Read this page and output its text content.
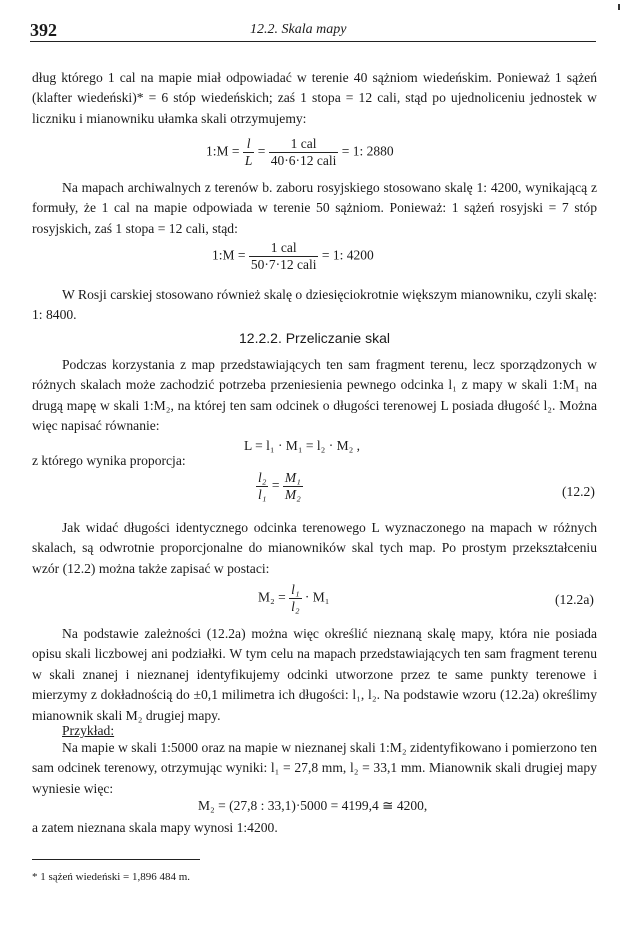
392	12.2. Skala mapy

dług którego 1 cal na mapie miał odpowiadać w terenie 40 sążniom wiedeńskim. Ponieważ 1 sążeń (klafter wiedeński)* = 6 stóp wiedeńskich; zaś 1 stopa = 12 cali, stąd po ujednoliceniu jednostek w liczniku i mianowniku ułamka skali otrzymujemy:

1:M = $\frac{l}{L} = \frac{\text{1 cal}}{\text{40·6·12 cali}} = 1$: 2880

Na mapach archiwalnych z terenów b. zaboru rosyjskiego stosowano skalę 1: 4200, wynikającą z formuły, że 1 cal na mapie odpowiada w terenie 50 sążniom. Ponieważ: 1 sążeń rosyjski = 7 stóp rosyjskich, zaś 1 stopa = 12 cali, stąd:

1:M = $\frac{\text{1 cal}}{\text{50·7·12 cali}} = 1$: 4200

W Rosji carskiej stosowano również skalę o dziesięciokrotnie większym mianowniku, czyli skalę: 1: 8400.

12.2.2. Przeliczanie skal

Podczas korzystania z map przedstawiających ten sam fragment terenu, lecz sporządzonych w różnych skalach może zachodzić potrzeba przeniesienia pewnego odcinka l₁ z mapy w skali 1:M₁ na drugą mapę w skali 1:M₂, na której ten sam odcinek o długości terenowej L posiada długość l₂. Można więc napisać równanie:

L = l₁ · M₁ = l₂ · M₂ ,

z którego wynika proporcja:

$\frac{\text{l₂}}{\text{l₁}} = \frac{\text{M₁}}{\text{M₂}}$	(12.2)

Jak widać długości identycznego odcinka terenowego L wyznaczonego na mapach w różnych skalach, są odwrotnie proporcjonalne do mianowników skal tych map. Po prostym przekształceniu wzór (12.2) można także zapisać w postaci:

$M_2 = \frac{\text{l₁}}{\text{l₂}} \cdot M_1$	(12.2a)

Na podstawie zależności (12.2a) można więc określić nieznaną skalę mapy, która nie posiada opisu skali liczbowej ani podziałki. W tym celu na mapach przedstawiających ten sam fragment terenu w skali znanej i nieznanej identyfikujemy odcinki utworzone przez te same punkty terenowe i mierzymy z dokładnością do ±0,1 milimetra ich długości: l₁, l₂. Na podstawie wzoru (12.2a) określimy mianownik skali M₂ drugiej mapy.

Przykład:

Na mapie w skali 1:5000 oraz na mapie w nieznanej skali 1:M₂ zidentyfikowano i pomierzono ten sam odcinek terenowy, otrzymując wyniki: l₁ = 27,8 mm, l₂ = 33,1 mm. Mianownik skali drugiej mapy wyniesie więc:

M₂ = (27,8 : 33,1)·5000 = 4199,4 ≅ 4200,

a zatem nieznana skala mapy wynosi 1:4200.

* 1 sążeń wiedeński = 1,896 484 m.
